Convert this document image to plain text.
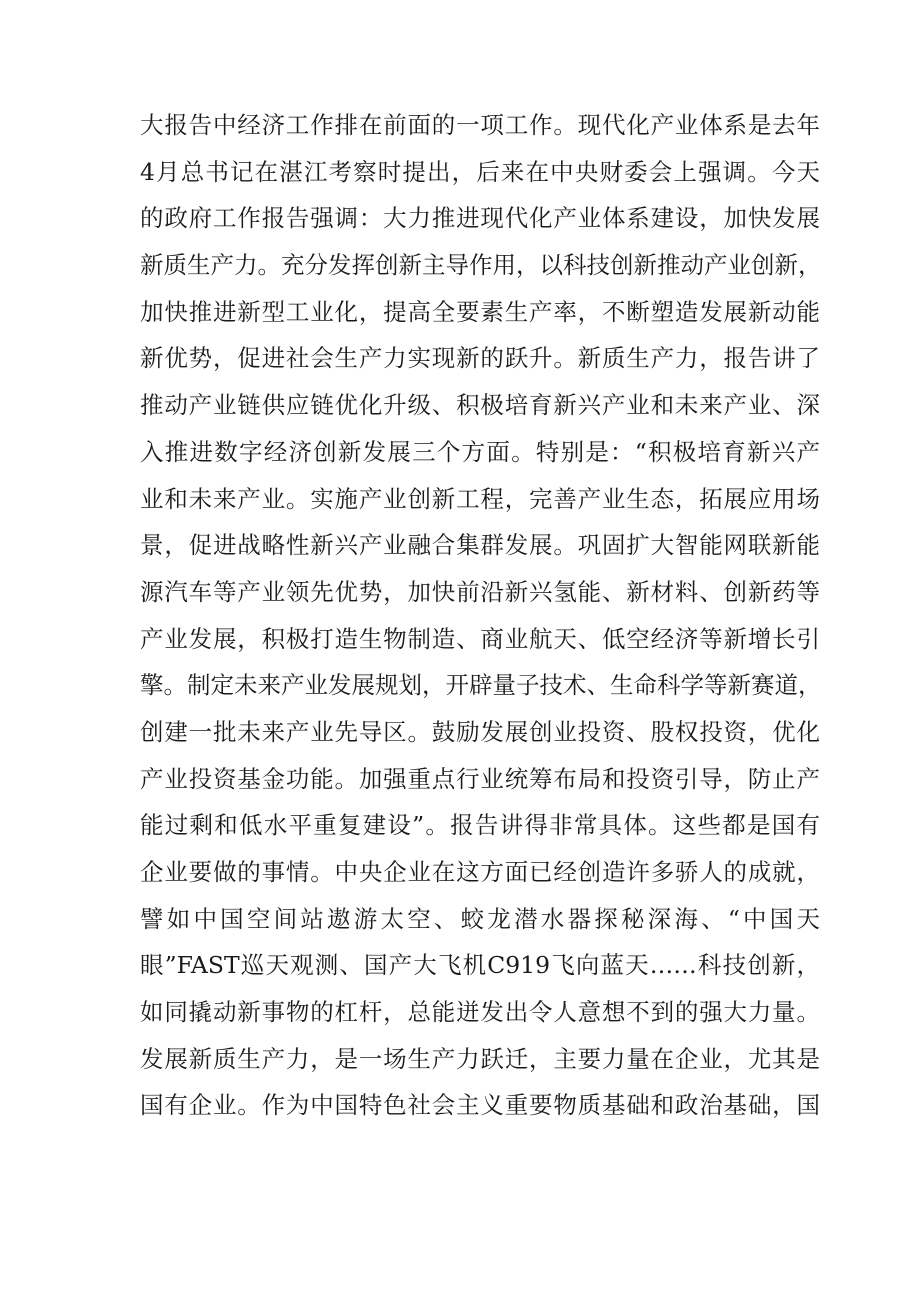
大报告中经济工作排在前面的一项工作。现代化产业体系是去年
4月总书记在湛江考察时提出，后来在中央财委会上强调。今天
的政府工作报告强调：大力推进现代化产业体系建设，加快发展
新质生产力。充分发挥创新主导作用，以科技创新推动产业创新，
加快推进新型工业化，提高全要素生产率，不断塑造发展新动能
新优势，促进社会生产力实现新的跃升。新质生产力，报告讲了
推动产业链供应链优化升级、积极培育新兴产业和未来产业、深
入推进数字经济创新发展三个方面。特别是：“积极培育新兴产
业和未来产业。实施产业创新工程，完善产业生态，拓展应用场
景，促进战略性新兴产业融合集群发展。巩固扩大智能网联新能
源汽车等产业领先优势，加快前沿新兴氢能、新材料、创新药等
产业发展，积极打造生物制造、商业航天、低空经济等新增长引
擎。制定未来产业发展规划，开辟量子技术、生命科学等新赛道，
创建一批未来产业先导区。鼓励发展创业投资、股权投资，优化
产业投资基金功能。加强重点行业统筹布局和投资引导，防止产
能过剩和低水平重复建设”。报告讲得非常具体。这些都是国有
企业要做的事情。中央企业在这方面已经创造许多骄人的成就，
譬如中国空间站遨游太空、蛟龙潜水器探秘深海、“中国天
眼”FAST巡天观测、国产大飞机C919飞向蓝天……科技创新，
如同撬动新事物的杠杆，总能迸发出令人意想不到的强大力量。
发展新质生产力，是一场生产力跃迁，主要力量在企业，尤其是
国有企业。作为中国特色社会主义重要物质基础和政治基础，国
